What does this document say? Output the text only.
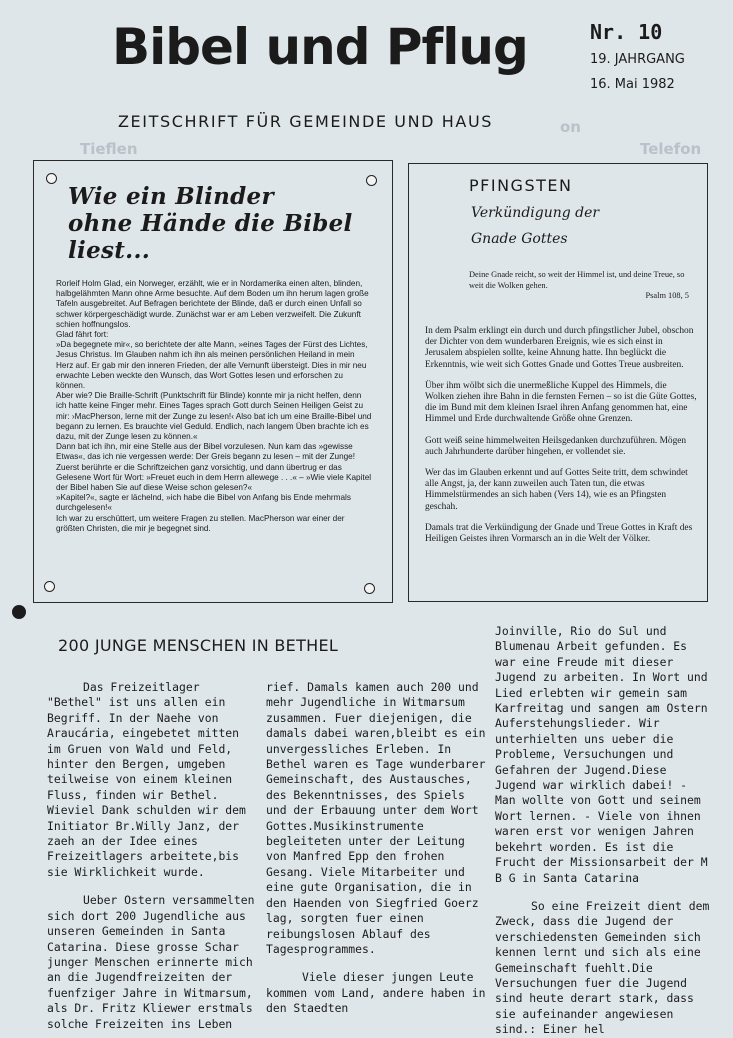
on
Tieflen	Telefon
Bibel und Pflug	Nr. 10
19. JAHRGANG
16. Mai 1982
ZEITSCHRIFT FÜR GEMEINDE UND HAUS
Wie ein Blinder
ohne Hände die Bibel
liest...

Rorleif Holm Glad, ein Norweger, erzählt, wie er in Nordamerika einen alten, blinden, halbgelähmten Mann ohne Arme besuchte. Auf dem Boden um ihn herum lagen große Tafeln ausgebreitet. Auf Befragen berichtete der Blinde, daß er durch einen Unfall so schwer körpergeschädigt wurde. Zunächst war er am Leben verzweifelt. Die Zukunft schien hoffnungslos.

Glad fährt fort:

»Da begegnete mir«, so berichtete der alte Mann, »eines Tages der Fürst des Lichtes, Jesus Christus. Im Glauben nahm ich ihn als meinen persönlichen Heiland in mein Herz auf. Er gab mir den inneren Frieden, der alle Vernunft übersteigt. Dies in mir neu erwachte Leben weckte den Wunsch, das Wort Gottes lesen und erforschen zu können.

Aber wie? Die Braille-Schrift (Punktschrift für Blinde) konnte mir ja nicht helfen, denn ich hatte keine Finger mehr. Eines Tages sprach Gott durch Seinen Heiligen Geist zu mir: ›MacPherson, lerne mit der Zunge zu lesen!‹ Also bat ich um eine Braille-Bibel und begann zu lernen. Es brauchte viel Geduld. Endlich, nach langem Üben brachte ich es dazu, mit der Zunge lesen zu können.«

Dann bat ich ihn, mir eine Stelle aus der Bibel vorzulesen. Nun kam das »gewisse Etwas«, das ich nie vergessen werde: Der Greis begann zu lesen – mit der Zunge! Zuerst berührte er die Schriftzeichen ganz vorsichtig, und dann übertrug er das Gelesene Wort für Wort: »Freuet euch in dem Herrn allewege . . .« – »Wie viele Kapitel der Bibel haben Sie auf diese Weise schon gelesen?«

»Kapitel?«, sagte er lächelnd, »ich habe die Bibel von Anfang bis Ende mehrmals durchgelesen!«

Ich war zu erschüttert, um weitere Fragen zu stellen. MacPherson war einer der größten Christen, die mir je begegnet sind.

PFINGSTEN
Verkündigung der
Gnade Gottes
Deine Gnade reicht, so weit der Himmel ist, und deine Treue, so weit die Wolken gehen.
Psalm 108, 5

In dem Psalm erklingt ein durch und durch pfingstlicher Jubel, obschon der Dichter von dem wunderbaren Ereignis, wie es sich einst in Jerusalem abspielen sollte, keine Ahnung hatte. Ihn beglückt die Erkenntnis, wie weit sich Gottes Gnade und Gottes Treue ausbreiten.

Über ihm wölbt sich die unermeßliche Kuppel des Himmels, die Wolken ziehen ihre Bahn in die fernsten Fernen – so ist die Güte Gottes, die im Bund mit dem kleinen Israel ihren Anfang genommen hat, eine Himmel und Erde durchwaltende Größe ohne Grenzen.

Gott weiß seine himmelweiten Heilsgedanken durchzuführen. Mögen auch Jahrhunderte darüber hingehen, er vollendet sie.

Wer das im Glauben erkennt und auf Gottes Seite tritt, dem schwindet alle Angst, ja, der kann zuweilen auch Taten tun, die etwas Himmelstürmendes an sich haben (Vers 14), wie es an Pfingsten geschah.

Damals trat die Verkündigung der Gnade und Treue Gottes in Kraft des Heiligen Geistes ihren Vormarsch an in die Welt der Völker.

200 JUNGE MENSCHEN IN BETHEL

Das Freizeitlager "Bethel" ist uns allen ein Begriff. In der Naehe von Araucária, eingebetet mitten im Gruen von Wald und Feld, hinter den Bergen, umgeben teilweise von einem kleinen Fluss, finden wir Bethel. Wieviel Dank schulden wir dem Initiator Br.Willy Janz, der zaeh an der Idee eines Freizeitlagers arbeitete,bis sie Wirklichkeit wurde.

Ueber Ostern versammelten sich dort 200 Jugendliche aus unseren Gemeinden in Santa Catarina. Diese grosse Schar junger Menschen erinnerte mich an die Jugendfreizeiten der fuenfziger Jahre in Witmarsum, als Dr. Fritz Kliewer erstmals solche Freizeiten ins Leben

rief. Damals kamen auch 200 und mehr Jugendliche in Witmarsum zusammen. Fuer diejenigen, die damals dabei waren,bleibt es ein unvergessliches Erleben. In Bethel waren es Tage wunderbarer Gemeinschaft, des Austausches, des Bekenntnisses, des Spiels und der Erbauung unter dem Wort Gottes.Musikinstrumente begleiteten unter der Leitung von Manfred Epp den frohen Gesang. Viele Mitarbeiter und eine gute Organisation, die in den Haenden von Siegfried Goerz lag, sorgten fuer einen reibungslosen Ablauf des Tagesprogrammes.

Viele dieser jungen Leute kommen vom Land, andere haben in den Staedten

Joinville, Rio do Sul und Blumenau Arbeit gefunden. Es war eine Freude mit dieser Jugend zu arbeiten. In Wort und Lied erlebten wir gemein sam Karfreitag und sangen am Ostern Auferstehungslieder. Wir unterhielten uns ueber die Probleme, Versuchungen und Gefahren der Jugend.Diese Jugend war wirklich dabei! - Man wollte von Gott und seinem Wort lernen. - Viele von ihnen waren erst vor wenigen Jahren bekehrt worden. Es ist die Frucht der Missionsarbeit der M B G in Santa Catarina

So eine Freizeit dient dem Zweck, dass die Jugend der verschiedensten Gemeinden sich kennen lernt und sich als eine Gemeinschaft fuehlt.Die Versuchungen fuer die Jugend sind heute derart stark, dass sie aufeinander angewiesen sind.: Einer hel
